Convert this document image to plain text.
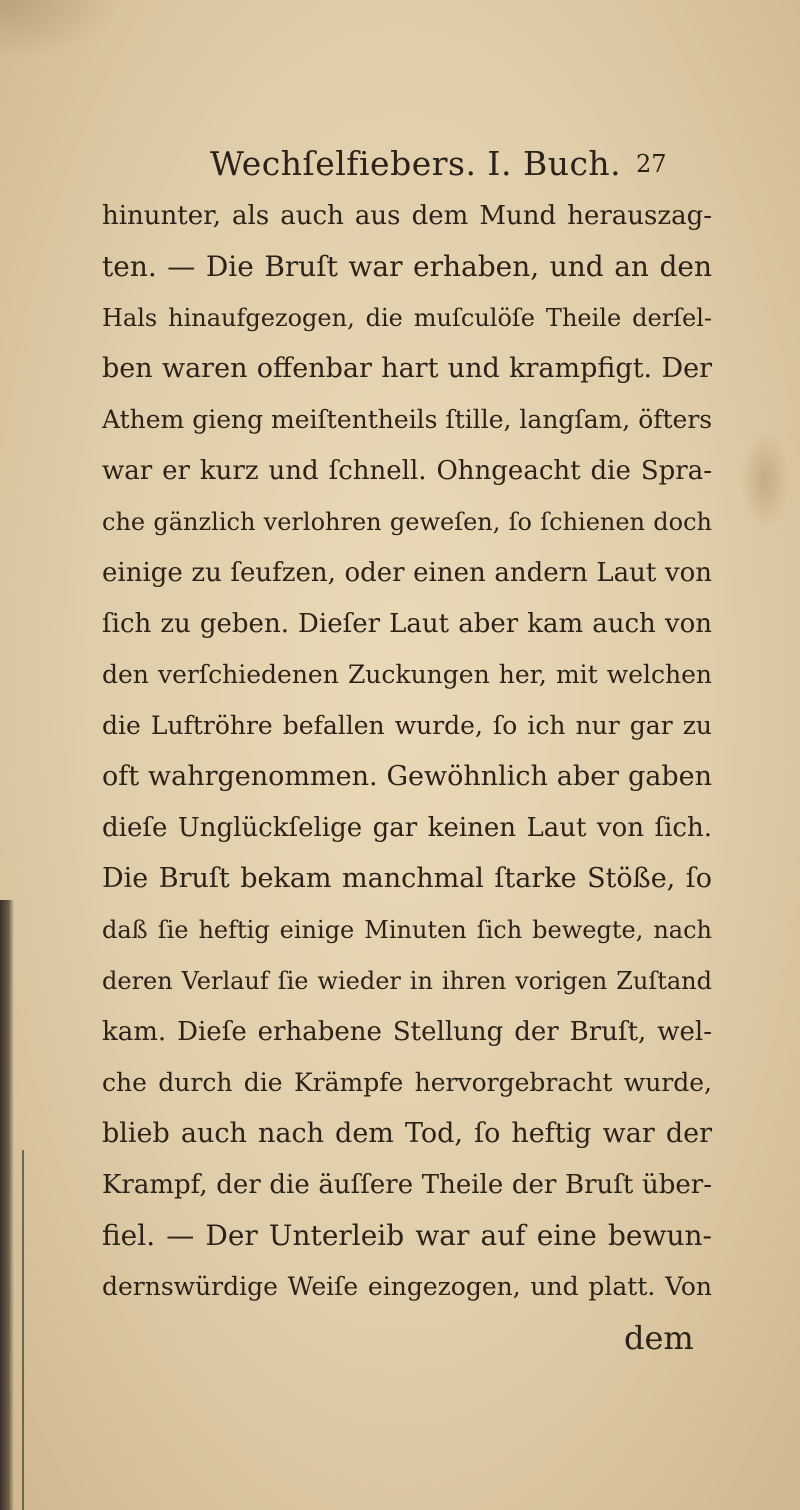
Wechſelfiebers. I. Buch. 27
hinunter, als auch aus dem Mund herauszag-
ten. — Die Bruſt war erhaben, und an den
Hals hinaufgezogen, die muſculöſe Theile derſel-
ben waren offenbar hart und krampfigt. Der
Athem gieng meiſtentheils ſtille, langſam, öfters
war er kurz und ſchnell. Ohngeacht die Spra-
che gänzlich verlohren geweſen, ſo ſchienen doch
einige zu ſeufzen, oder einen andern Laut von
ſich zu geben. Dieſer Laut aber kam auch von
den verſchiedenen Zuckungen her, mit welchen
die Luftröhre befallen wurde, ſo ich nur gar zu
oft wahrgenommen. Gewöhnlich aber gaben
dieſe Unglückſelige gar keinen Laut von ſich.
Die Bruſt bekam manchmal ſtarke Stöße, ſo
daß ſie heftig einige Minuten ſich bewegte, nach
deren Verlauf ſie wieder in ihren vorigen Zuſtand
kam. Dieſe erhabene Stellung der Bruſt, wel-
che durch die Krämpfe hervorgebracht wurde,
blieb auch nach dem Tod, ſo heftig war der
Krampf, der die äuſſere Theile der Bruſt über-
fiel. — Der Unterleib war auf eine bewun-
dernswürdige Weiſe eingezogen, und platt. Von
dem
